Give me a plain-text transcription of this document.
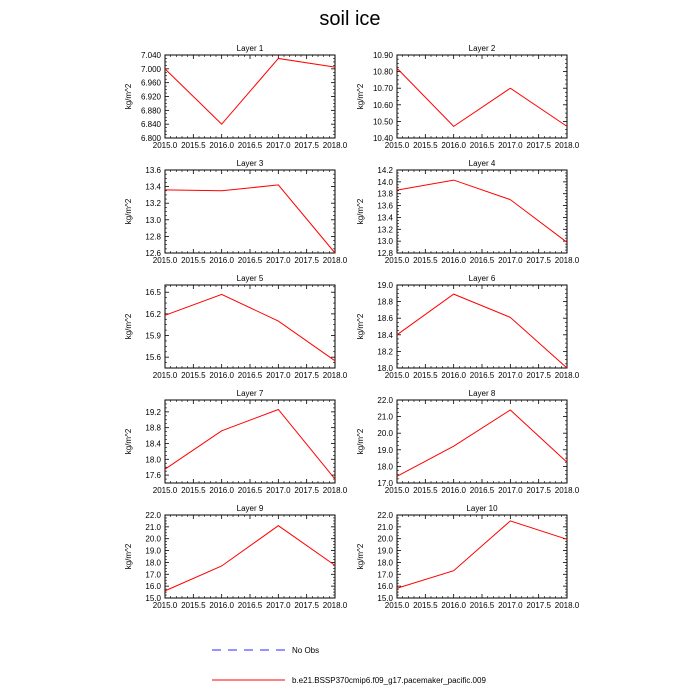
soil ice
Layer 1
kg/m^2
2015.0 2015.5 2016.0 2016.5 2017.0 2017.5 2018.0
6.800
6.840
6.880
6.920
6.960
7.000
7.040
Layer 2
kg/m^2
2015.0 2015.5 2016.0 2016.5 2017.0 2017.5 2018.0
10.40
10.50
10.60
10.70
10.80
10.90
Layer 3
kg/m^2
2015.0 2015.5 2016.0 2016.5 2017.0 2017.5 2018.0
12.6
12.8
13.0
13.2
13.4
13.6
Layer 4
kg/m^2
2015.0 2015.5 2016.0 2016.5 2017.0 2017.5 2018.0
12.8
13.0
13.2
13.4
13.6
13.8
14.0
14.2
Layer 5
kg/m^2
2015.0 2015.5 2016.0 2016.5 2017.0 2017.5 2018.0
15.6
15.9
16.2
16.5
Layer 6
kg/m^2
2015.0 2015.5 2016.0 2016.5 2017.0 2017.5 2018.0
18.0
18.2
18.4
18.6
18.8
19.0
Layer 7
kg/m^2
2015.0 2015.5 2016.0 2016.5 2017.0 2017.5 2018.0
17.6
18.0
18.4
18.8
19.2
Layer 8
kg/m^2
2015.0 2015.5 2016.0 2016.5 2017.0 2017.5 2018.0
17.0
18.0
19.0
20.0
21.0
22.0
Layer 9
kg/m^2
2015.0 2015.5 2016.0 2016.5 2017.0 2017.5 2018.0
15.0
16.0
17.0
18.0
19.0
20.0
21.0
22.0
Layer 10
kg/m^2
2015.0 2015.5 2016.0 2016.5 2017.0 2017.5 2018.0
15.0
16.0
17.0
18.0
19.0
20.0
21.0
22.0
No Obs
b.e21.BSSP370cmip6.f09_g17.pacemaker_pacific.009
